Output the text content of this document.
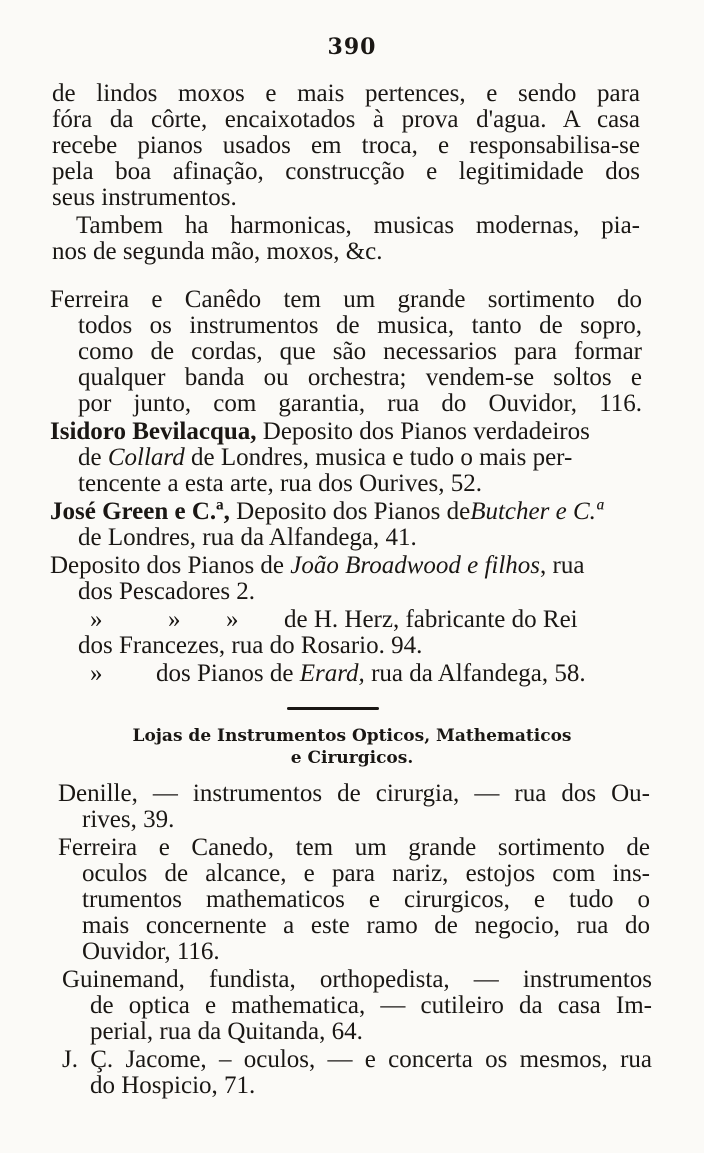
390
de lindos moxos e mais pertences, e sendo para
fóra da côrte, encaixotados à prova d'agua. A casa
recebe pianos usados em troca, e responsabilisa-se
pela boa afinação, construcção e legitimidade dos
seus instrumentos.
Tambem ha harmonicas, musicas modernas, pia-
nos de segunda mão, moxos, &c.
Ferreira e Canêdo tem um grande sortimento do
todos os instrumentos de musica, tanto de sopro,
como de cordas, que são necessarios para formar
qualquer banda ou orchestra; vendem-se soltos e
por junto, com garantia, rua do Ouvidor, 116.
Isidoro Bevilacqua, Deposito dos Pianos verdadeiros
de Collard de Londres, musica e tudo o mais per-
tencente a esta arte, rua dos Ourives, 52.
José Green e C.ª, Deposito dos Pianos deButcher e C.ª
de Londres, rua da Alfandega, 41.
Deposito dos Pianos de João Broadwood e filhos, rua
dos Pescadores 2.
»	» » de H. Herz, fabricante do Rei
dos Francezes, rua do Rosario. 94.
» dos Pianos de Erard, rua da Alfandega, 58.
Lojas de Instrumentos Opticos, Mathematicos
e Cirurgicos.
Denille, — instrumentos de cirurgia, — rua dos Ou-
rives, 39.
Ferreira e Canedo, tem um grande sortimento de
oculos de alcance, e para nariz, estojos com ins-
trumentos mathematicos e cirurgicos, e tudo o
mais concernente a este ramo de negocio, rua do
Ouvidor, 116.
Guinemand, fundista, orthopedista, — instrumentos
de optica e mathematica, — cutileiro da casa Im-
perial, rua da Quitanda, 64.
J. Ç. Jacome, – oculos, — e concerta os mesmos, rua
do Hospicio, 71.
